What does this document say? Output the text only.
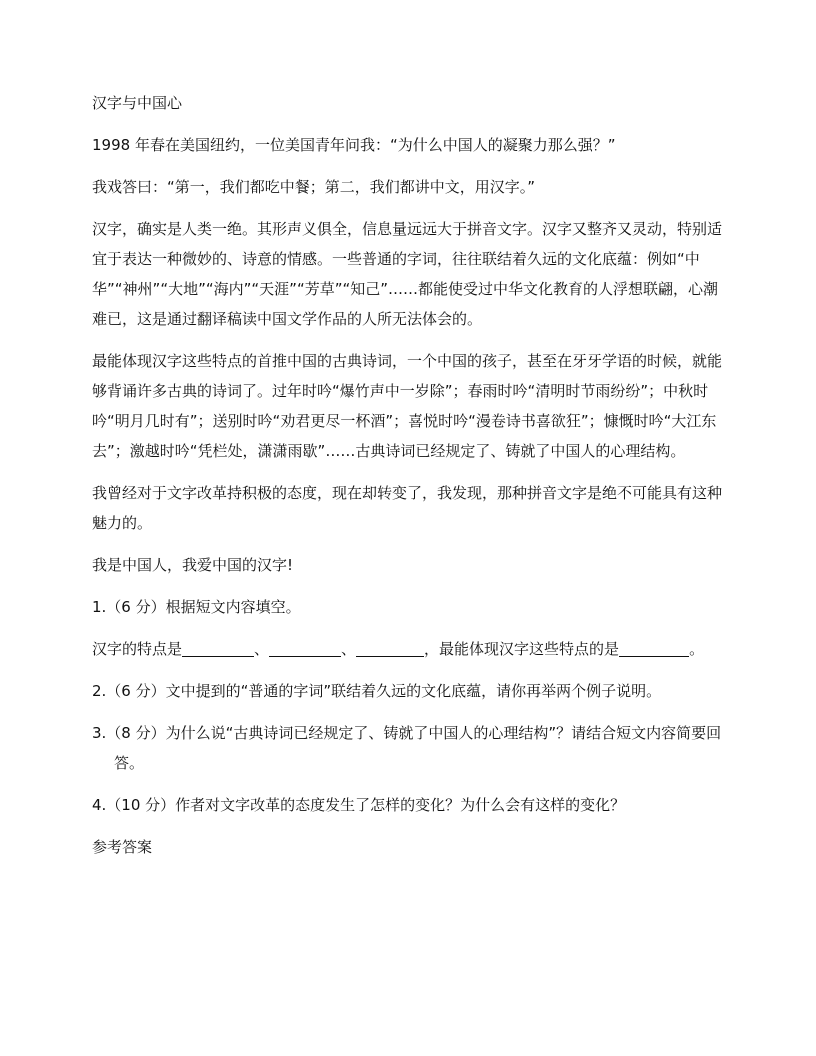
汉字与中国心

1998 年春在美国纽约，一位美国青年问我：“为什么中国人的凝聚力那么强？”

我戏答曰：“第一，我们都吃中餐；第二，我们都讲中文，用汉字。”

汉字，确实是人类一绝。其形声义俱全，信息量远远大于拼音文字。汉字又整齐又灵动，特别适宜于表达一种微妙的、诗意的情感。一些普通的字词，往往联结着久远的文化底蕴：例如“中华”“神州”“大地”“海内”“天涯”“芳草”“知己”……都能使受过中华文化教育的人浮想联翩，心潮难已，这是通过翻译稿读中国文学作品的人所无法体会的。

最能体现汉字这些特点的首推中国的古典诗词，一个中国的孩子，甚至在牙牙学语的时候，就能够背诵许多古典的诗词了。过年时吟“爆竹声中一岁除”；春雨时吟“清明时节雨纷纷”；中秋时吟“明月几时有”；送别时吟“劝君更尽一杯酒”；喜悦时吟“漫卷诗书喜欲狂”；慷慨时吟“大江东去”；激越时吟“凭栏处，潇潇雨歇”……古典诗词已经规定了、铸就了中国人的心理结构。

我曾经对于文字改革持积极的态度，现在却转变了，我发现，那种拼音文字是绝不可能具有这种魅力的。

我是中国人，我爱中国的汉字!

1.（6 分）根据短文内容填空。

汉字的特点是	、	、	，最能体现汉字这些特点的是	。

2.（6 分）文中提到的“普通的字词”联结着久远的文化底蕴，请你再举两个例子说明。

3.（8 分）为什么说“古典诗词已经规定了、铸就了中国人的心理结构”？请结合短文内容简要回答。

4.（10 分）作者对文字改革的态度发生了怎样的变化？为什么会有这样的变化？

参考答案
